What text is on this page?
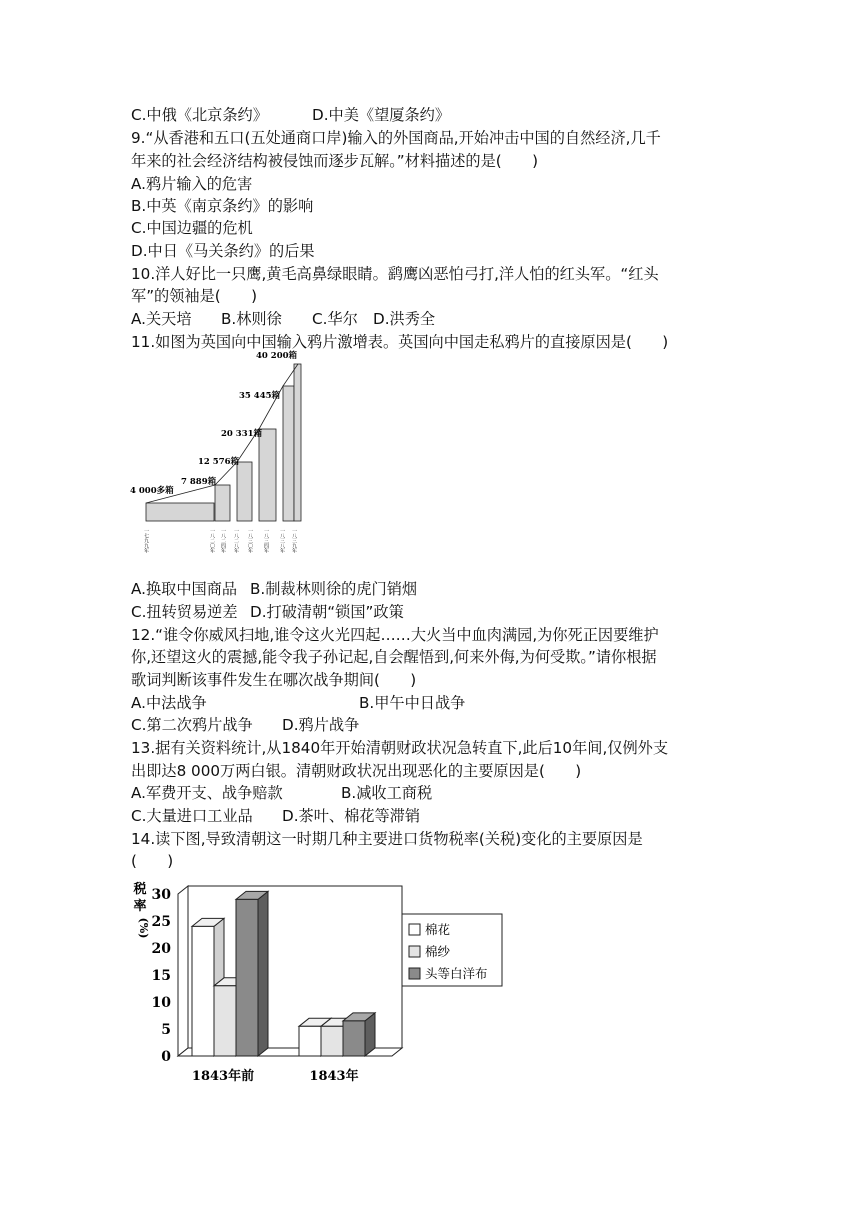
C.中俄《北京条约》	D.中美《望厦条约》
9.“从香港和五口(五处通商口岸)输入的外国商品,开始冲击中国的自然经济,几千
年来的社会经济结构被侵蚀而逐步瓦解。”材料描述的是(　　)
A.鸦片输入的危害
B.中英《南京条约》的影响
C.中国边疆的危机
D.中日《马关条约》的后果
10.洋人好比一只鹰,黄毛高鼻绿眼睛。鹞鹰凶恶怕弓打,洋人怕的红头军。“红头
军”的领袖是(　　)
A.关天培 B.林则徐 C.华尔 D.洪秀全
11.如图为英国向中国输入鸦片激增表。英国向中国走私鸦片的直接原因是(　　)
4 000多箱
7 889箱
12 576箱
20 331箱
35 445箱
40 200箱
一七九九年	一八二〇年 一八二四年 一八二八年 一八三〇年 一八三四年 一八三八年 一八三九年
A.换取中国商品 B.制裁林则徐的虎门销烟
C.扭转贸易逆差 D.打破清朝“锁国”政策
12.“谁令你威风扫地,谁令这火光四起……大火当中血肉满园,为你死正因要维护
你,还望这火的震撼,能令我子孙记起,自会醒悟到,何来外侮,为何受欺。”请你根据
歌词判断该事件发生在哪次战争期间(　　)
A.中法战争	B.甲午中日战争
C.第二次鸦片战争 D.鸦片战争
13.据有关资料统计,从1840年开始清朝财政状况急转直下,此后10年间,仅例外支
出即达8 000万两白银。清朝财政状况出现恶化的主要原因是(　　)
A.军费开支、战争赔款	B.减收工商税
C.大量进口工业品 D.茶叶、棉花等滞销
14.读下图,导致清朝这一时期几种主要进口货物税率(关税)变化的主要原因是
(　　)
税
率
(%)
0
5
10
15
20
25
30
1843年前	1843年
棉花
棉纱
头等白洋布
